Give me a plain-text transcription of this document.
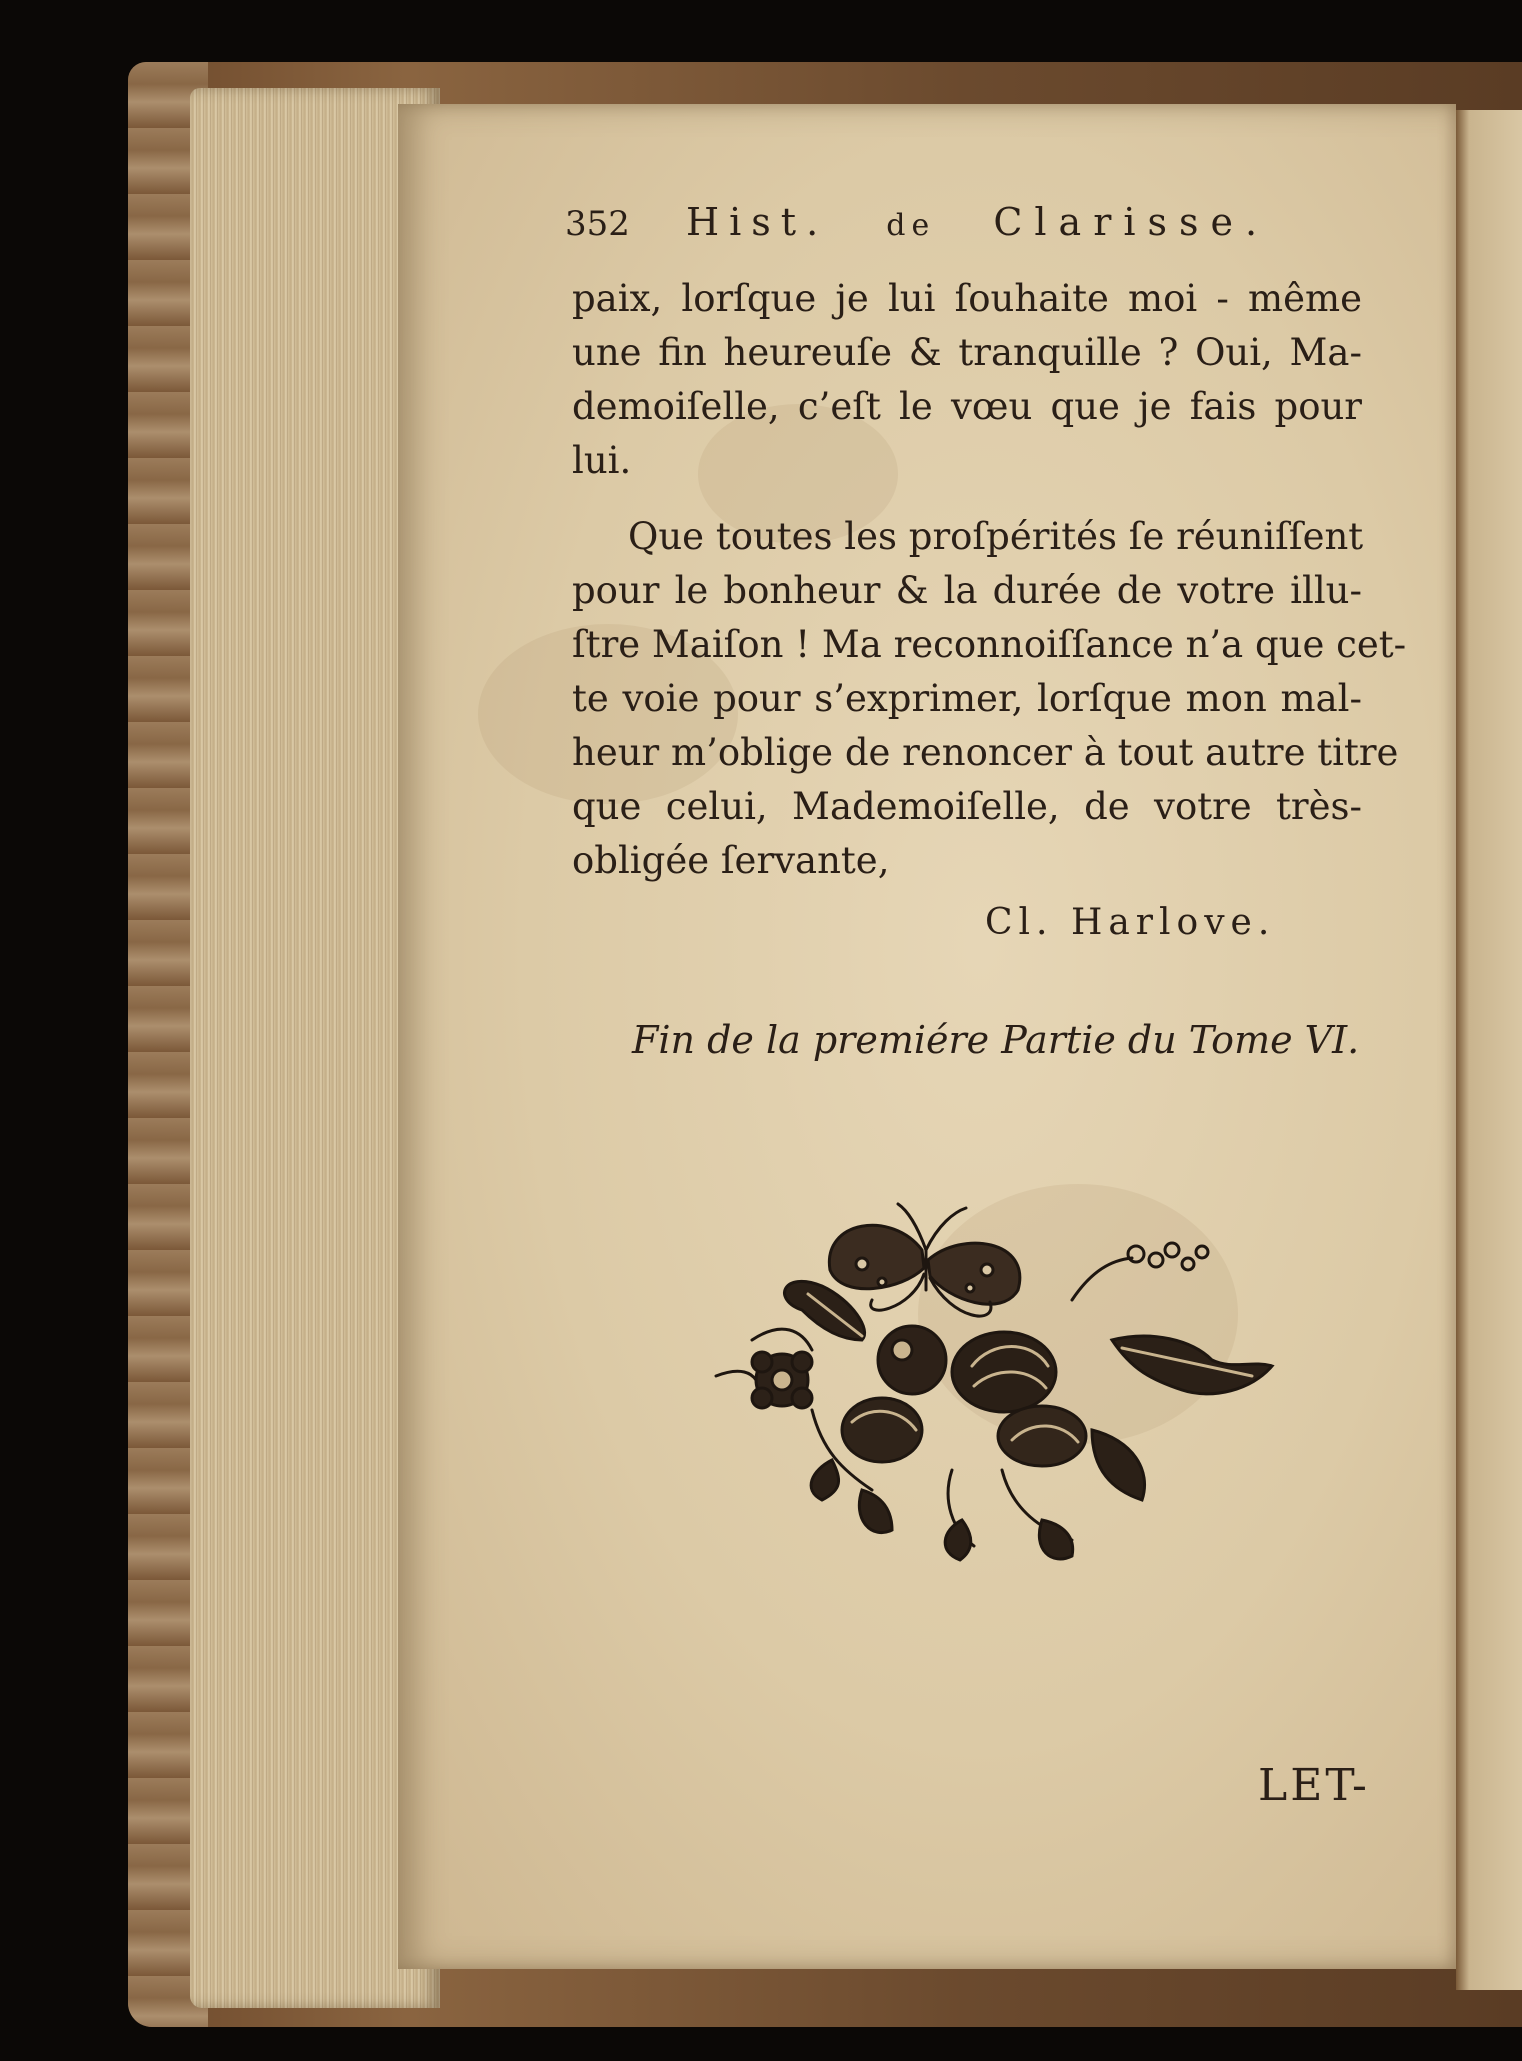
352 Hist. de Clarisse.
paix, lorſque je lui ſouhaite moi - même
une fin heureuſe & tranquille ? Oui, Ma-
demoiſelle, c’eſt le vœu que je fais pour
lui.
Que toutes les proſpérités ſe réuniſſent
pour le bonheur & la durée de votre illu-
ſtre Maiſon ! Ma reconnoiſſance n’a que cet-
te voie pour s’exprimer, lorſque mon mal-
heur m’oblige de renoncer à tout autre titre
que celui, Mademoiſelle, de votre très-
obligée ſervante,
Cl. Harlove.
Fin de la premiére Partie du Tome VI.
LET-
